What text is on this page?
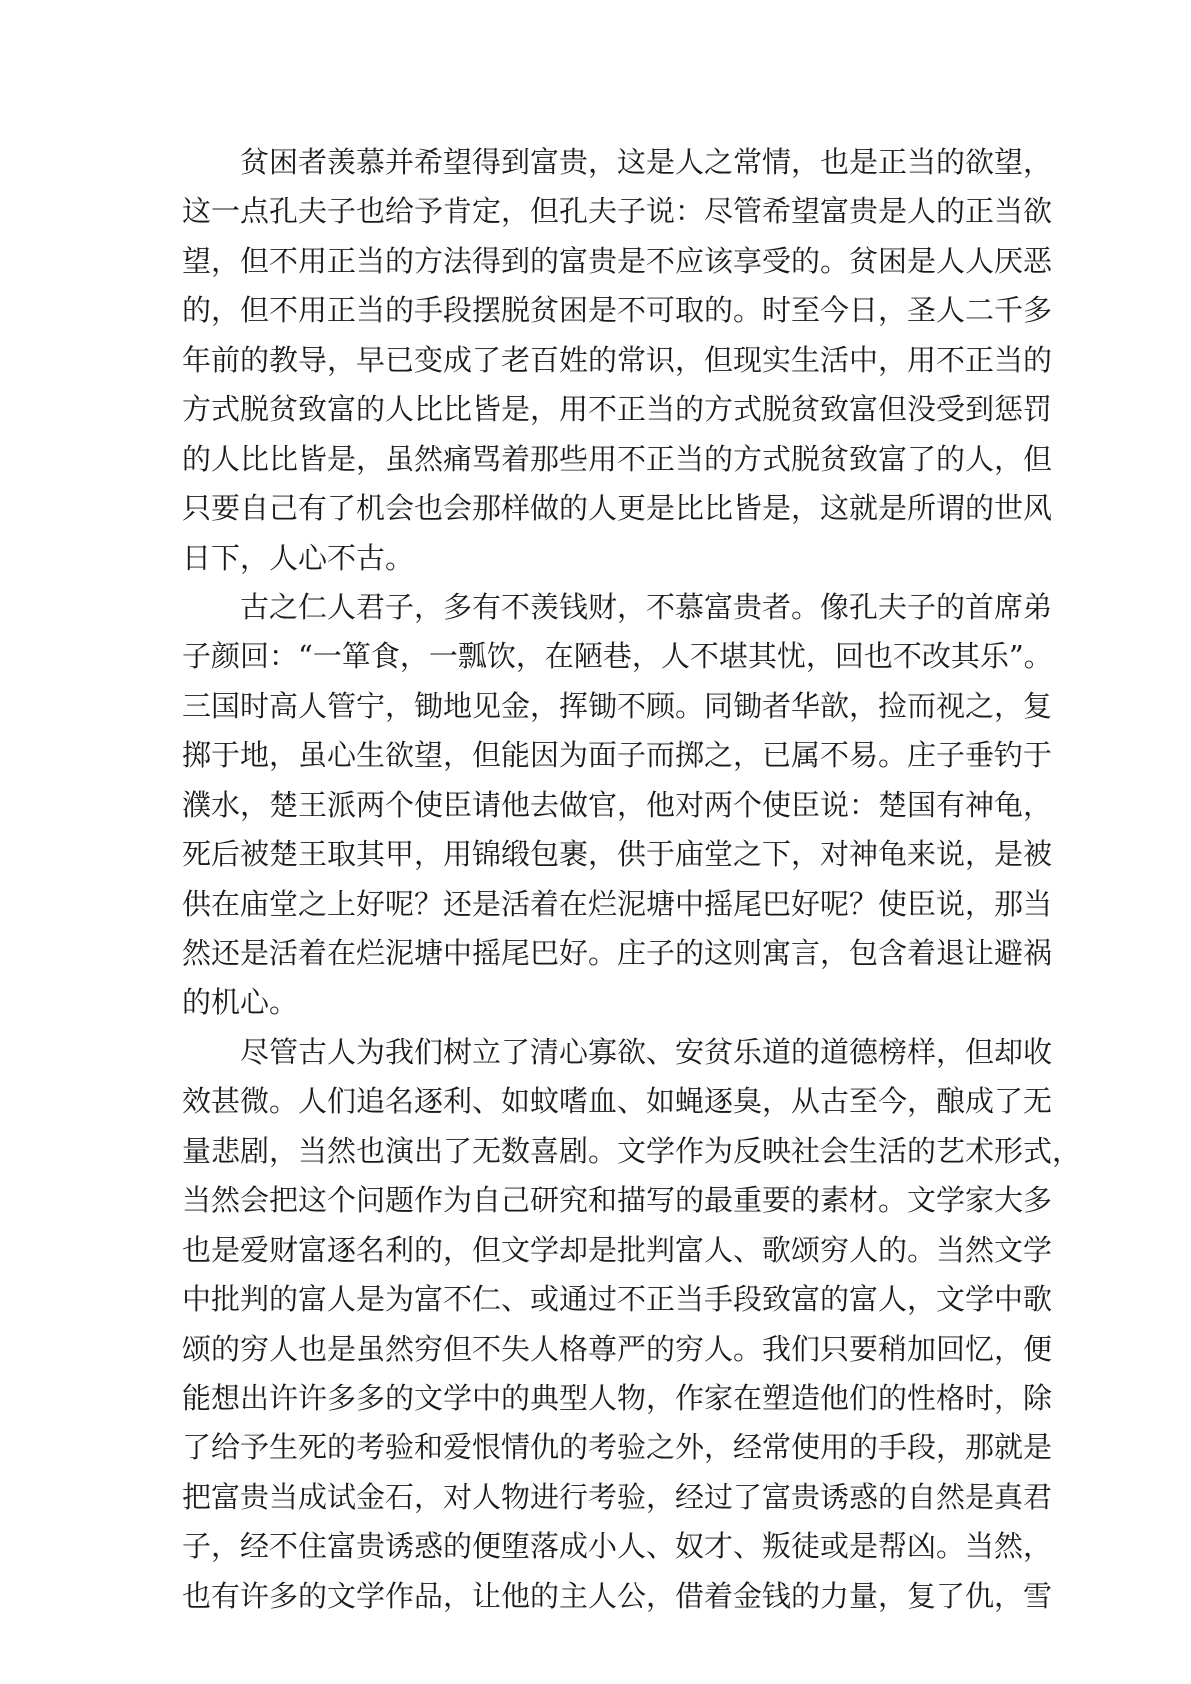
贫困者羡慕并希望得到富贵，这是人之常情，也是正当的欲望，
这一点孔夫子也给予肯定，但孔夫子说：尽管希望富贵是人的正当欲
望，但不用正当的方法得到的富贵是不应该享受的。贫困是人人厌恶
的，但不用正当的手段摆脱贫困是不可取的。时至今日，圣人二千多
年前的教导，早已变成了老百姓的常识，但现实生活中，用不正当的
方式脱贫致富的人比比皆是，用不正当的方式脱贫致富但没受到惩罚
的人比比皆是，虽然痛骂着那些用不正当的方式脱贫致富了的人，但
只要自己有了机会也会那样做的人更是比比皆是，这就是所谓的世风
日下，人心不古。
古之仁人君子，多有不羡钱财，不慕富贵者。像孔夫子的首席弟
子颜回：“一箪食，一瓢饮，在陋巷，人不堪其忧，回也不改其乐”。
三国时高人管宁，锄地见金，挥锄不顾。同锄者华歆，捡而视之，复
掷于地，虽心生欲望，但能因为面子而掷之，已属不易。庄子垂钓于
濮水，楚王派两个使臣请他去做官，他对两个使臣说：楚国有神龟，
死后被楚王取其甲，用锦缎包裹，供于庙堂之下，对神龟来说，是被
供在庙堂之上好呢？还是活着在烂泥塘中摇尾巴好呢？使臣说，那当
然还是活着在烂泥塘中摇尾巴好。庄子的这则寓言，包含着退让避祸
的机心。
尽管古人为我们树立了清心寡欲、安贫乐道的道德榜样，但却收
效甚微。人们追名逐利、如蚊嗜血、如蝇逐臭，从古至今，酿成了无
量悲剧，当然也演出了无数喜剧。文学作为反映社会生活的艺术形式，
当然会把这个问题作为自己研究和描写的最重要的素材。文学家大多
也是爱财富逐名利的，但文学却是批判富人、歌颂穷人的。当然文学
中批判的富人是为富不仁、或通过不正当手段致富的富人，文学中歌
颂的穷人也是虽然穷但不失人格尊严的穷人。我们只要稍加回忆，便
能想出许许多多的文学中的典型人物，作家在塑造他们的性格时，除
了给予生死的考验和爱恨情仇的考验之外，经常使用的手段，那就是
把富贵当成试金石，对人物进行考验，经过了富贵诱惑的自然是真君
子，经不住富贵诱惑的便堕落成小人、奴才、叛徒或是帮凶。当然，
也有许多的文学作品，让他的主人公，借着金钱的力量，复了仇，雪
